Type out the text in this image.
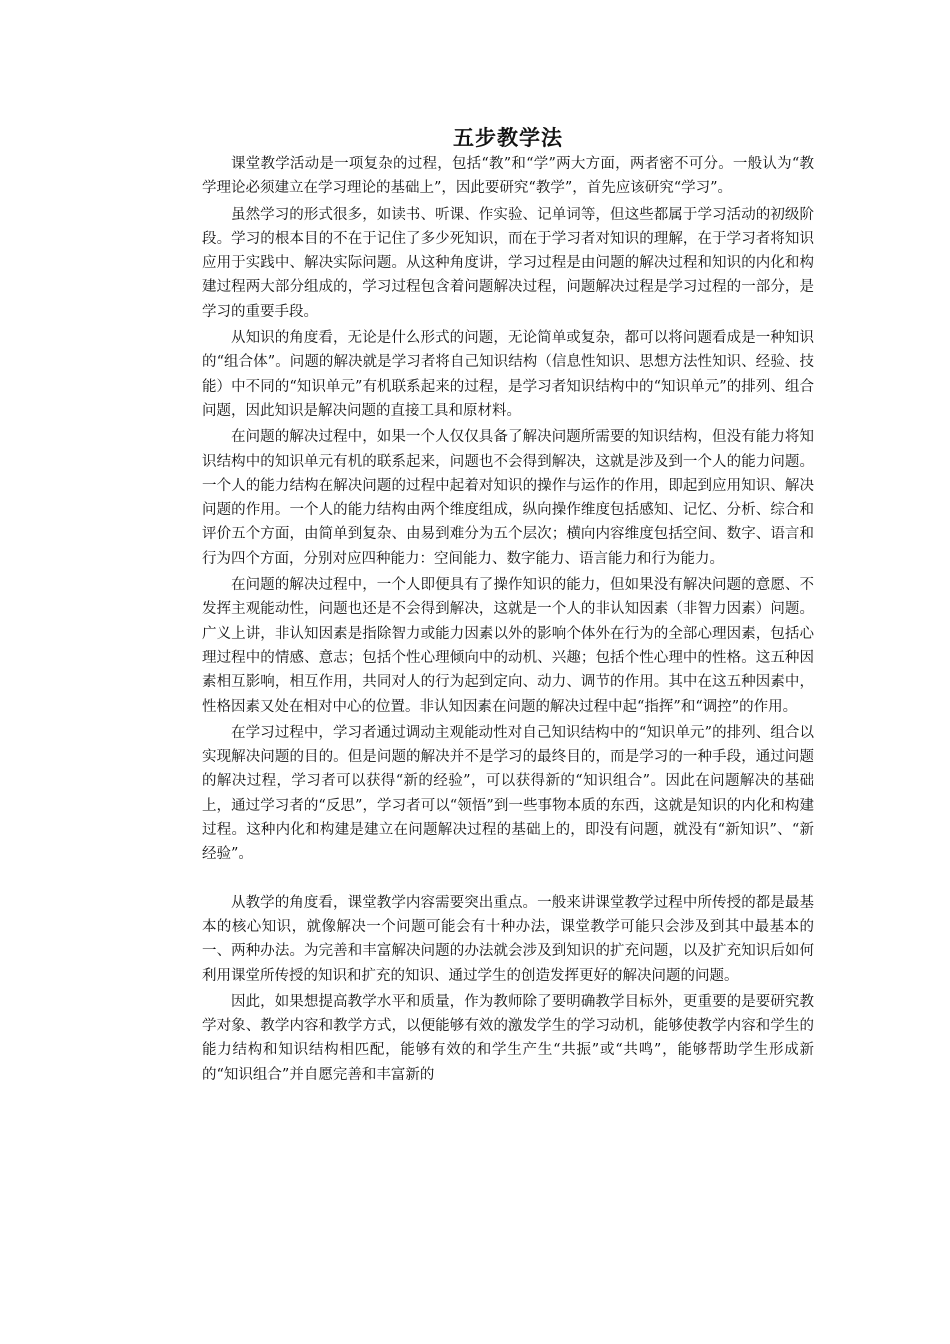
五步教学法

课堂教学活动是一项复杂的过程，包括“教”和“学”两大方面，两者密不可分。一般认为“教学理论必须建立在学习理论的基础上”，因此要研究“教学”，首先应该研究“学习”。

虽然学习的形式很多，如读书、听课、作实验、记单词等，但这些都属于学习活动的初级阶段。学习的根本目的不在于记住了多少死知识，而在于学习者对知识的理解，在于学习者将知识应用于实践中、解决实际问题。从这种角度讲，学习过程是由问题的解决过程和知识的内化和构建过程两大部分组成的，学习过程包含着问题解决过程，问题解决过程是学习过程的一部分，是学习的重要手段。

从知识的角度看，无论是什么形式的问题，无论简单或复杂，都可以将问题看成是一种知识的“组合体”。问题的解决就是学习者将自己知识结构（信息性知识、思想方法性知识、经验、技能）中不同的“知识单元”有机联系起来的过程，是学习者知识结构中的“知识单元”的排列、组合问题，因此知识是解决问题的直接工具和原材料。

在问题的解决过程中，如果一个人仅仅具备了解决问题所需要的知识结构，但没有能力将知识结构中的知识单元有机的联系起来，问题也不会得到解决，这就是涉及到一个人的能力问题。一个人的能力结构在解决问题的过程中起着对知识的操作与运作的作用，即起到应用知识、解决问题的作用。一个人的能力结构由两个维度组成，纵向操作维度包括感知、记忆、分析、综合和评价五个方面，由简单到复杂、由易到难分为五个层次；横向内容维度包括空间、数字、语言和行为四个方面，分别对应四种能力：空间能力、数字能力、语言能力和行为能力。

在问题的解决过程中，一个人即便具有了操作知识的能力，但如果没有解决问题的意愿、不发挥主观能动性，问题也还是不会得到解决，这就是一个人的非认知因素（非智力因素）问题。广义上讲，非认知因素是指除智力或能力因素以外的影响个体外在行为的全部心理因素，包括心理过程中的情感、意志；包括个性心理倾向中的动机、兴趣；包括个性心理中的性格。这五种因素相互影响，相互作用，共同对人的行为起到定向、动力、调节的作用。其中在这五种因素中，性格因素又处在相对中心的位置。非认知因素在问题的解决过程中起“指挥”和“调控”的作用。

在学习过程中，学习者通过调动主观能动性对自己知识结构中的“知识单元”的排列、组合以实现解决问题的目的。但是问题的解决并不是学习的最终目的，而是学习的一种手段，通过问题的解决过程，学习者可以获得“新的经验”，可以获得新的“知识组合”。因此在问题解决的基础上，通过学习者的“反思”，学习者可以“领悟”到一些事物本质的东西，这就是知识的内化和构建过程。这种内化和构建是建立在问题解决过程的基础上的，即没有问题，就没有“新知识”、“新经验”。

从教学的角度看，课堂教学内容需要突出重点。一般来讲课堂教学过程中所传授的都是最基本的核心知识，就像解决一个问题可能会有十种办法，课堂教学可能只会涉及到其中最基本的一、两种办法。为完善和丰富解决问题的办法就会涉及到知识的扩充问题，以及扩充知识后如何利用课堂所传授的知识和扩充的知识、通过学生的创造发挥更好的解决问题的问题。

因此，如果想提高教学水平和质量，作为教师除了要明确教学目标外，更重要的是要研究教学对象、教学内容和教学方式，以便能够有效的激发学生的学习动机，能够使教学内容和学生的能力结构和知识结构相匹配，能够有效的和学生产生“共振”或“共鸣”，能够帮助学生形成新的“知识组合”并自愿完善和丰富新的
